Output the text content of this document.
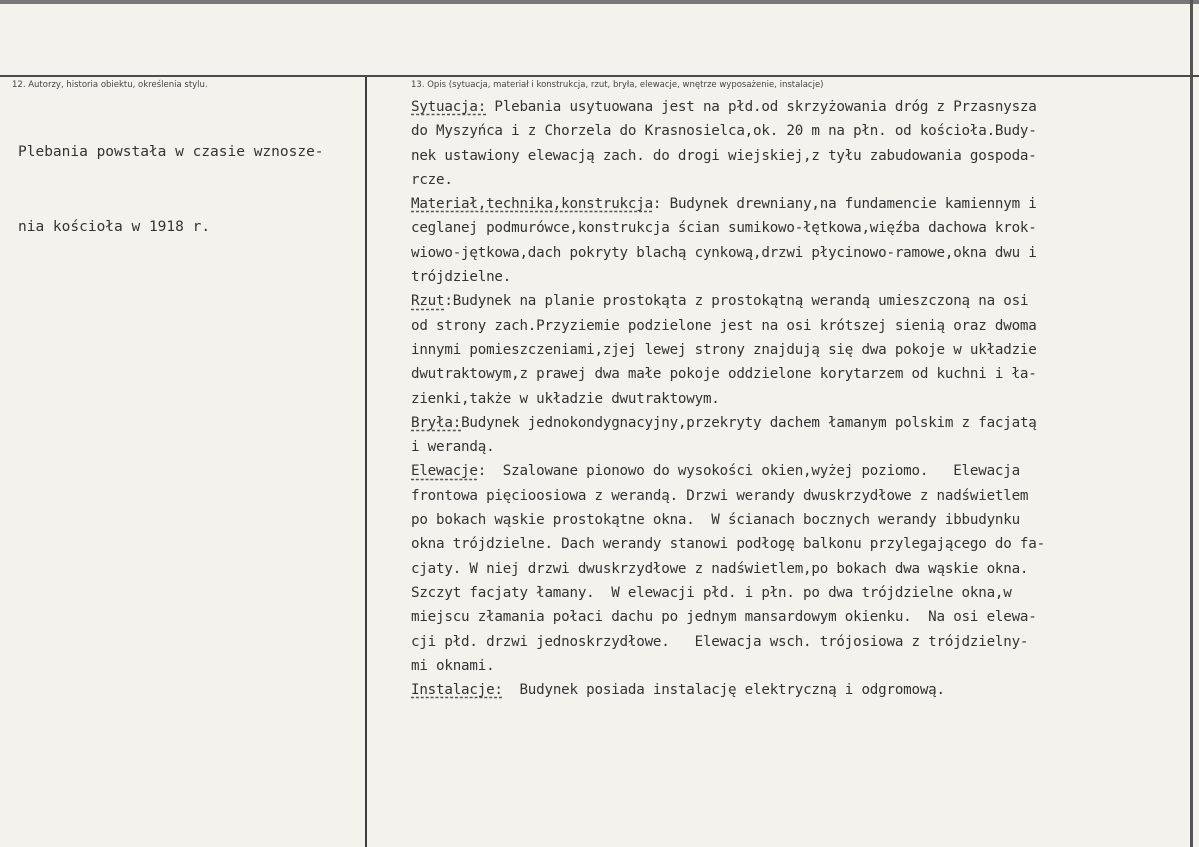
12. Autorzy, historia obiektu, określenia stylu.	13. Opis (sytuacja, materiał i konstrukcja, rzut, bryła, elewacje, wnętrze wyposażenie, instalacje)

Plebania powstała w czasie wznosze-

nia kościoła w 1918 r.

Sytuacja: Plebania usytuowana jest na płd.od skrzyżowania dróg z Przasnysza
do Myszyńca i z Chorzela do Krasnosielca,ok. 20 m na płn. od kościoła.Budy-
nek ustawiony elewacją zach. do drogi wiejskiej,z tyłu zabudowania gospoda-
rcze.
Materiał,technika,konstrukcja: Budynek drewniany,na fundamencie kamiennym i
ceglanej podmurówce,konstrukcja ścian sumikowo-łętkowa,więźba dachowa krok-
wiowo-jętkowa,dach pokryty blachą cynkową,drzwi płycinowo-ramowe,okna dwu i
trójdzielne.
Rzut:Budynek na planie prostokąta z prostokątną werandą umieszczoną na osi
od strony zach.Przyziemie podzielone jest na osi krótszej sienią oraz dwoma
innymi pomieszczeniami,zjej lewej strony znajdują się dwa pokoje w układzie
dwutraktowym,z prawej dwa małe pokoje oddzielone korytarzem od kuchni i ła-
zienki,także w układzie dwutraktowym.
Bryła:Budynek jednokondygnacyjny,przekryty dachem łamanym polskim z facjatą
i werandą.
Elewacje:  Szalowane pionowo do wysokości okien,wyżej poziomo.   Elewacja
frontowa pięcioosiowa z werandą. Drzwi werandy dwuskrzydłowe z nadświetlem
po bokach wąskie prostokątne okna.  W ścianach bocznych werandy ibbudynku
okna trójdzielne. Dach werandy stanowi podłogę balkonu przylegającego do fa-
cjaty. W niej drzwi dwuskrzydłowe z nadświetlem,po bokach dwa wąskie okna.
Szczyt facjaty łamany.  W elewacji płd. i płn. po dwa trójdzielne okna,w
miejscu złamania połaci dachu po jednym mansardowym okienku.  Na osi elewa-
cji płd. drzwi jednoskrzydłowe.   Elewacja wsch. trójosiowa z trójdzielny-
mi oknami.
Instalacje:  Budynek posiada instalację elektryczną i odgromową.
